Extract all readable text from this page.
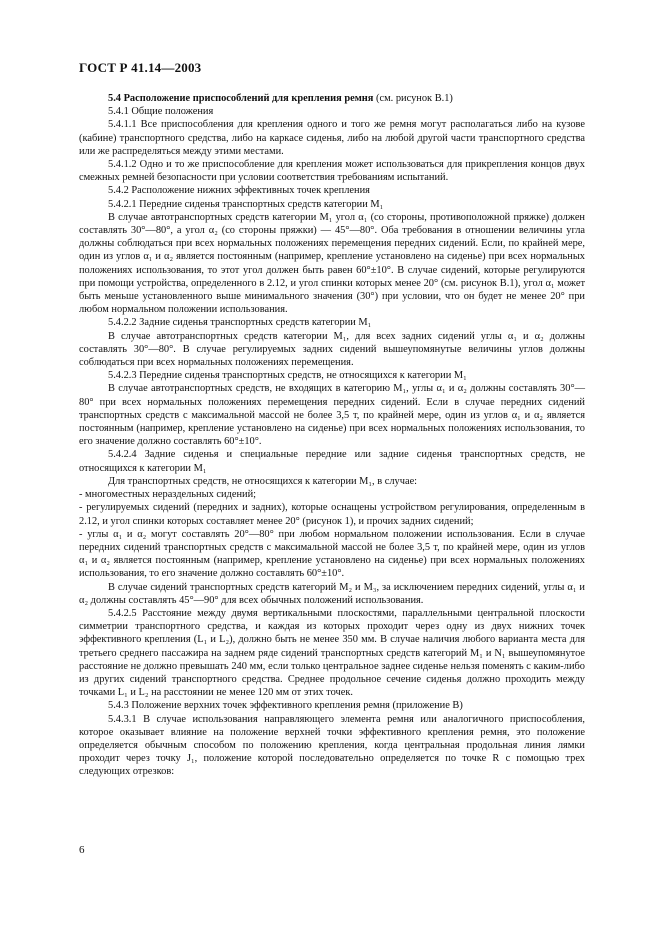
ГОСТ Р 41.14—2003

5.4 Расположение приспособлений для крепления ремня (см. рисунок В.1)

5.4.1 Общие положения

5.4.1.1 Все приспособления для крепления одного и того же ремня могут располагаться либо на кузове (кабине) транспортного средства, либо на каркасе сиденья, либо на любой другой части транспортного средства или же распределяться между этими местами.

5.4.1.2 Одно и то же приспособление для крепления может использоваться для прикрепления концов двух смежных ремней безопасности при условии соответствия требованиям испытаний.

5.4.2 Расположение нижних эффективных точек крепления

5.4.2.1 Передние сиденья транспортных средств категории M₁

В случае автотранспортных средств категории M₁ угол α₁ (со стороны, противоположной пряжке) должен составлять 30°—80°, а угол α₂ (со стороны пряжки) — 45°—80°. Оба требования в отношении величины угла должны соблюдаться при всех нормальных положениях перемещения передних сидений. Если, по крайней мере, один из углов α₁ и α₂ является постоянным (например, крепление установлено на сиденье) при всех нормальных положениях использования, то этот угол должен быть равен 60°±10°. В случае сидений, которые регулируются при помощи устройства, определенного в 2.12, и угол спинки которых менее 20° (см. рисунок В.1), угол α₁ может быть меньше установленного выше минимального значения (30°) при условии, что он будет не менее 20° при любом нормальном положении использования.

5.4.2.2 Задние сиденья транспортных средств категории M₁

В случае автотранспортных средств категории M₁, для всех задних сидений углы α₁ и α₂ должны составлять 30°—80°. В случае регулируемых задних сидений вышеупомянутые величины углов должны соблюдаться при всех нормальных положениях перемещения.

5.4.2.3 Передние сиденья транспортных средств, не относящихся к категории M₁

В случае автотранспортных средств, не входящих в категорию M₁, углы α₁ и α₂ должны составлять 30°—80° при всех нормальных положениях перемещения передних сидений. Если в случае передних сидений транспортных средств с максимальной массой не более 3,5 т, по крайней мере, один из углов α₁ и α₂ является постоянным (например, крепление установлено на сиденье) при всех нормальных положениях использования, то его значение должно составлять 60°±10°.

5.4.2.4 Задние сиденья и специальные передние или задние сиденья транспортных средств, не относящихся к категории M₁

Для транспортных средств, не относящихся к категории M₁, в случае:

- многоместных нераздельных сидений;

- регулируемых сидений (передних и задних), которые оснащены устройством регулирования, определенным в 2.12, и угол спинки которых составляет менее 20° (рисунок 1), и прочих задних сидений;

- углы α₁ и α₂ могут составлять 20°—80° при любом нормальном положении использования. Если в случае передних сидений транспортных средств с максимальной массой не более 3,5 т, по крайней мере, один из углов α₁ и α₂ является постоянным (например, крепление установлено на сиденье) при всех нормальных положениях использования, то его значение должно составлять 60°±10°.

В случае сидений транспортных средств категорий M₂ и M₃, за исключением передних сидений, углы α₁ и α₂ должны составлять 45°—90° для всех обычных положений использования.

5.4.2.5 Расстояние между двумя вертикальными плоскостями, параллельными центральной плоскости симметрии транспортного средства, и каждая из которых проходит через одну из двух нижних точек эффективного крепления (L₁ и L₂), должно быть не менее 350 мм. В случае наличия любого варианта места для третьего среднего пассажира на заднем ряде сидений транспортных средств категорий M₁ и N₁ вышеупомянутое расстояние не должно превышать 240 мм, если только центральное заднее сиденье нельзя поменять с каким-либо из других сидений транспортного средства. Среднее продольное сечение сиденья должно проходить между точками L₁ и L₂ на расстоянии не менее 120 мм от этих точек.

5.4.3 Положение верхних точек эффективного крепления ремня (приложение В)

5.4.3.1 В случае использования направляющего элемента ремня или аналогичного приспособления, которое оказывает влияние на положение верхней точки эффективного крепления ремня, это положение определяется обычным способом по положению крепления, когда центральная продольная линия лямки проходит через точку J₁, положение которой последовательно определяется по точке R с помощью трех следующих отрезков:

6
